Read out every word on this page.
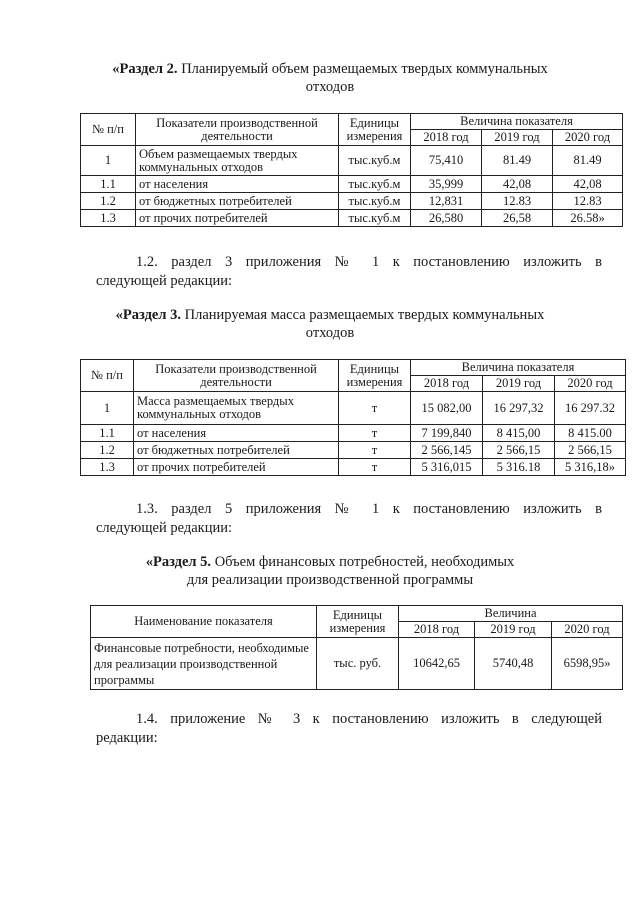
«Раздел 2. Планируемый объем размещаемых твердых коммунальных
отходов
№ п/п	Показатели производственной деятельности	Единицы измерения	Величина показателя		
			2018 год	2019 год	2020 год
1	Объем размещаемых твердых коммунальных отходов	тыс.куб.м	75,410	81.49	81.49
1.1	от населения	тыс.куб.м	35,999	42,08	42,08
1.2	от бюджетных потребителей	тыс.куб.м	12,831	12.83	12.83
1.3	от прочих потребителей	тыс.куб.м	26,580	26,58	26.58»
1.2. раздел 3 приложения № 1 к постановлению изложить в
следующей редакции:
«Раздел 3. Планируемая масса размещаемых твердых коммунальных
отходов
№ п/п	Показатели производственной деятельности	Единицы измерения	Величина показателя		
			2018 год	2019 год	2020 год
1	Масса размещаемых твердых коммунальных отходов	т	15 082,00	16 297,32	16 297.32
1.1	от населения	т	7 199,840	8 415,00	8 415.00
1.2	от бюджетных потребителей	т	2 566,145	2 566,15	2 566,15
1.3	от прочих потребителей	т	5 316,015	5 316.18	5 316,18»
1.3. раздел 5 приложения № 1 к постановлению изложить в
следующей редакции:
«Раздел 5. Объем финансовых потребностей, необходимых
для реализации производственной программы
Наименование показателя	Единицы измерения	Величина		
		2018 год	2019 год	2020 год
Финансовые потребности, необходимые для реализации производственной программы	тыс. руб.	10642,65	5740,48	6598,95»
1.4. приложение № 3 к постановлению изложить в следующей
редакции:
